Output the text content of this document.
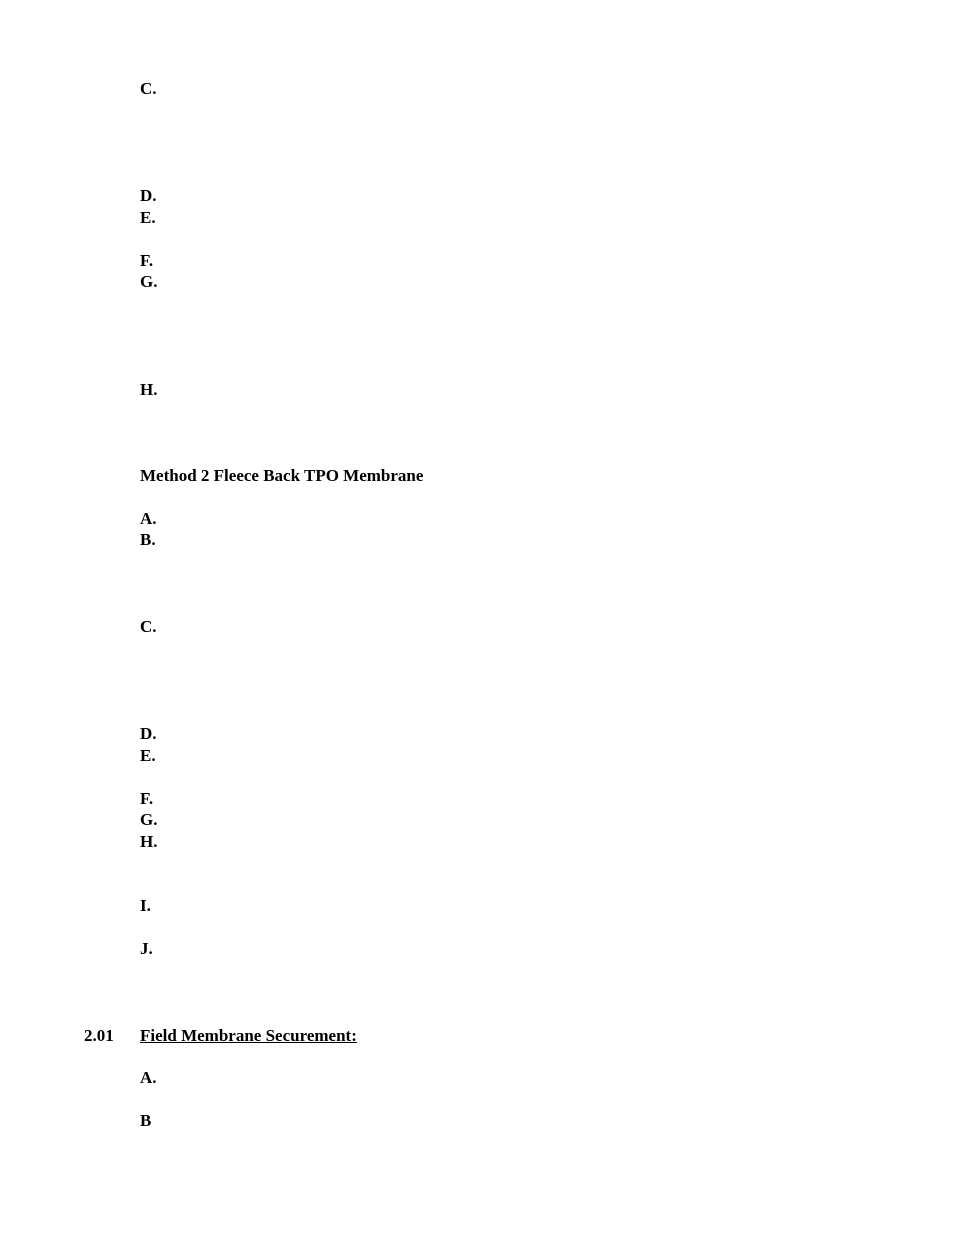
C.
D.
E.
F.
G.
H.
Method 2 Fleece Back TPO Membrane
A.
B.
C.
D.
E.
F.
G.
H.
I.
J.
2.01 Field Membrane Securement:
A.
B
